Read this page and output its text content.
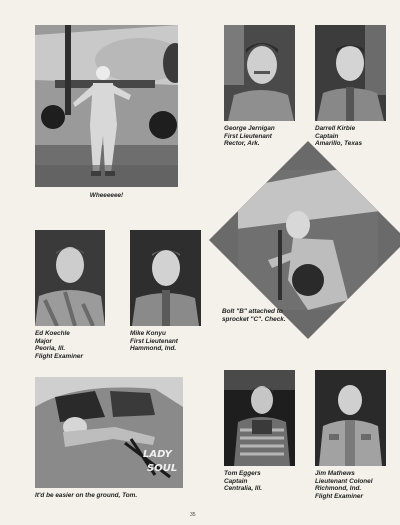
Wheeeeee!
George Jernigan
First Lieutenant
Rector, Ark.
Darrell Kirbie
Captain
Amarillo, Texas
Bolt "B" attached to
sprocket "C". Check.
Ed Koechle
Major
Peoria, Ill.
Flight Examiner
Mike Konyu
First Lieutenant
Hammond, Ind.
LADY
SOUL
It'd be easier on the ground, Tom.
Tom Eggers
Captain
Centralia, Ill.
Jim Mathews
Lieutenant Colonel
Richmond, Ind.
Flight Examiner
35
